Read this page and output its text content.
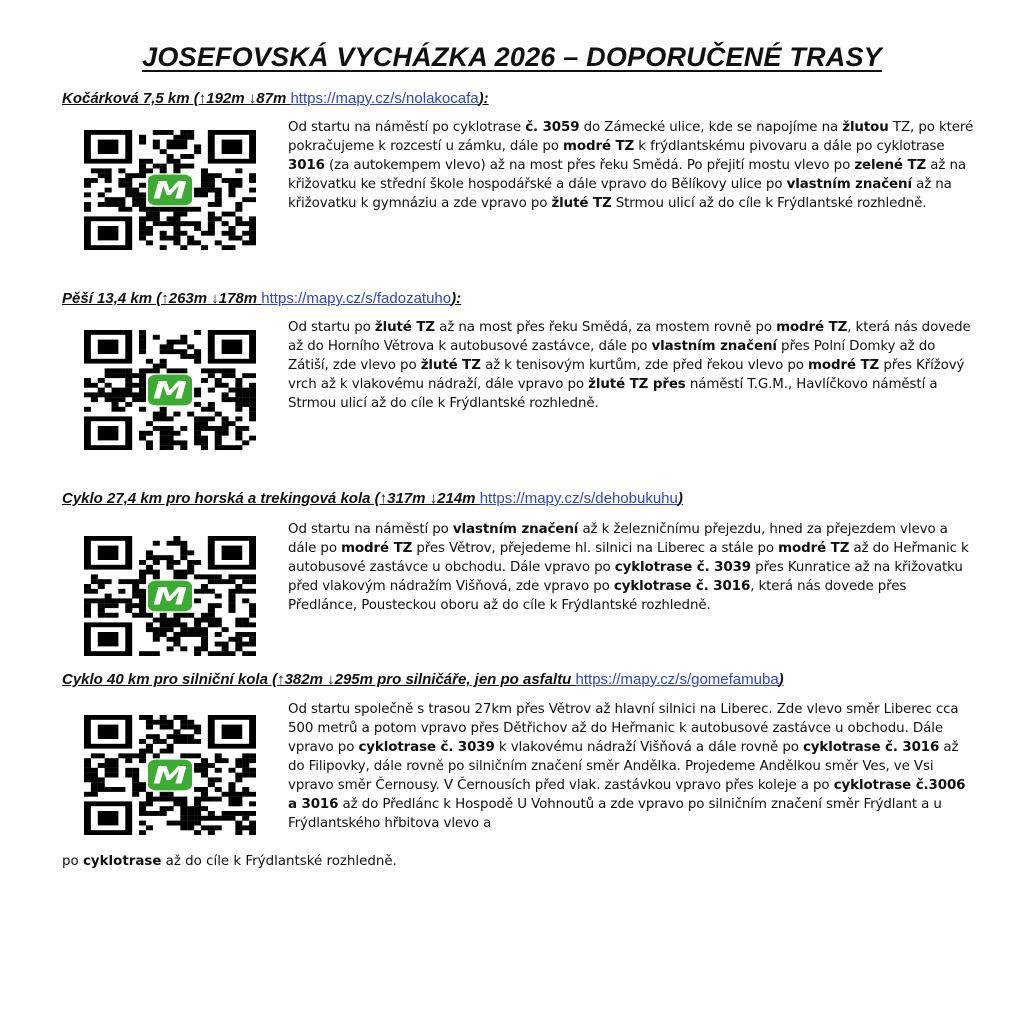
JOSEFOVSKÁ VYCHÁZKA 2026 – DOPORUČENÉ TRASY
Kočárková 7,5 km (↑192m ↓87m https://mapy.cz/s/nolakocafa):
M
Od startu na náměstí po cyklotrase č. 3059 do Zámecké ulice, kde se napojíme na žlutou TZ, po které pokračujeme k rozcestí u zámku, dále po modré TZ k frýdlantskému pivovaru a dále po cyklotrase 3016 (za autokempem vlevo) až na most přes řeku Smědá. Po přejití mostu vlevo po zelené TZ až na křižovatku ke střední škole hospodářské a dále vpravo do Bělíkovy ulice po vlastním značení až na křižovatku k gymnáziu a zde vpravo po žluté TZ Strmou ulicí až do cíle k Frýdlantské rozhledně.
Pěší 13,4 km (↑263m ↓178m https://mapy.cz/s/fadozatuho):
M
Od startu po žluté TZ až na most přes řeku Smědá, za mostem rovně po modré TZ, která nás dovede až do Horního Větrova k autobusové zastávce, dále po vlastním značení přes Polní Domky až do Zátiší, zde vlevo po žluté TZ až k tenisovým kurtům, zde před řekou vlevo po modré TZ přes Křížový vrch až k vlakovému nádraží, dále vpravo po žluté TZ přes náměstí T.G.M., Havlíčkovo náměstí a Strmou ulicí až do cíle k Frýdlantské rozhledně.
Cyklo 27,4 km pro horská a trekingová kola (↑317m ↓214m https://mapy.cz/s/dehobukuhu)
M
Od startu na náměstí po vlastním značení až k železničnímu přejezdu, hned za přejezdem vlevo a dále po modré TZ přes Větrov, přejedeme hl. silnici na Liberec a stále po modré TZ až do Heřmanic k autobusové zastávce u obchodu. Dále vpravo po cyklotrase č. 3039 přes Kunratice až na křižovatku před vlakovým nádražím Višňová, zde vpravo po cyklotrase č. 3016, která nás dovede přes Předlánce, Pousteckou oboru až do cíle k Frýdlantské rozhledně.
Cyklo 40 km pro silniční kola (↑382m ↓295m pro silničáře, jen po asfaltu https://mapy.cz/s/gomefamuba)
M
Od startu společně s trasou 27km přes Větrov až hlavní silnici na Liberec. Zde vlevo směr Liberec cca 500 metrů a potom vpravo přes Dětřichov až do Heřmanic k autobusové zastávce u obchodu. Dále vpravo po cyklotrase č. 3039 k vlakovému nádraží Višňová a dále rovně po cyklotrase č. 3016 až do Filipovky, dále rovně po silničním značení směr Andělka. Projedeme Andělkou směr Ves, ve Vsi vpravo směr Černousy. V Černousích před vlak. zastávkou vpravo přes koleje a po cyklotrase č.3006 a 3016 až do Předlánc k Hospodě U Vohnoutů a zde vpravo po silničním značení směr Frýdlant a u Frýdlantského hřbitova vlevo a
po cyklotrase až do cíle k Frýdlantské rozhledně.
